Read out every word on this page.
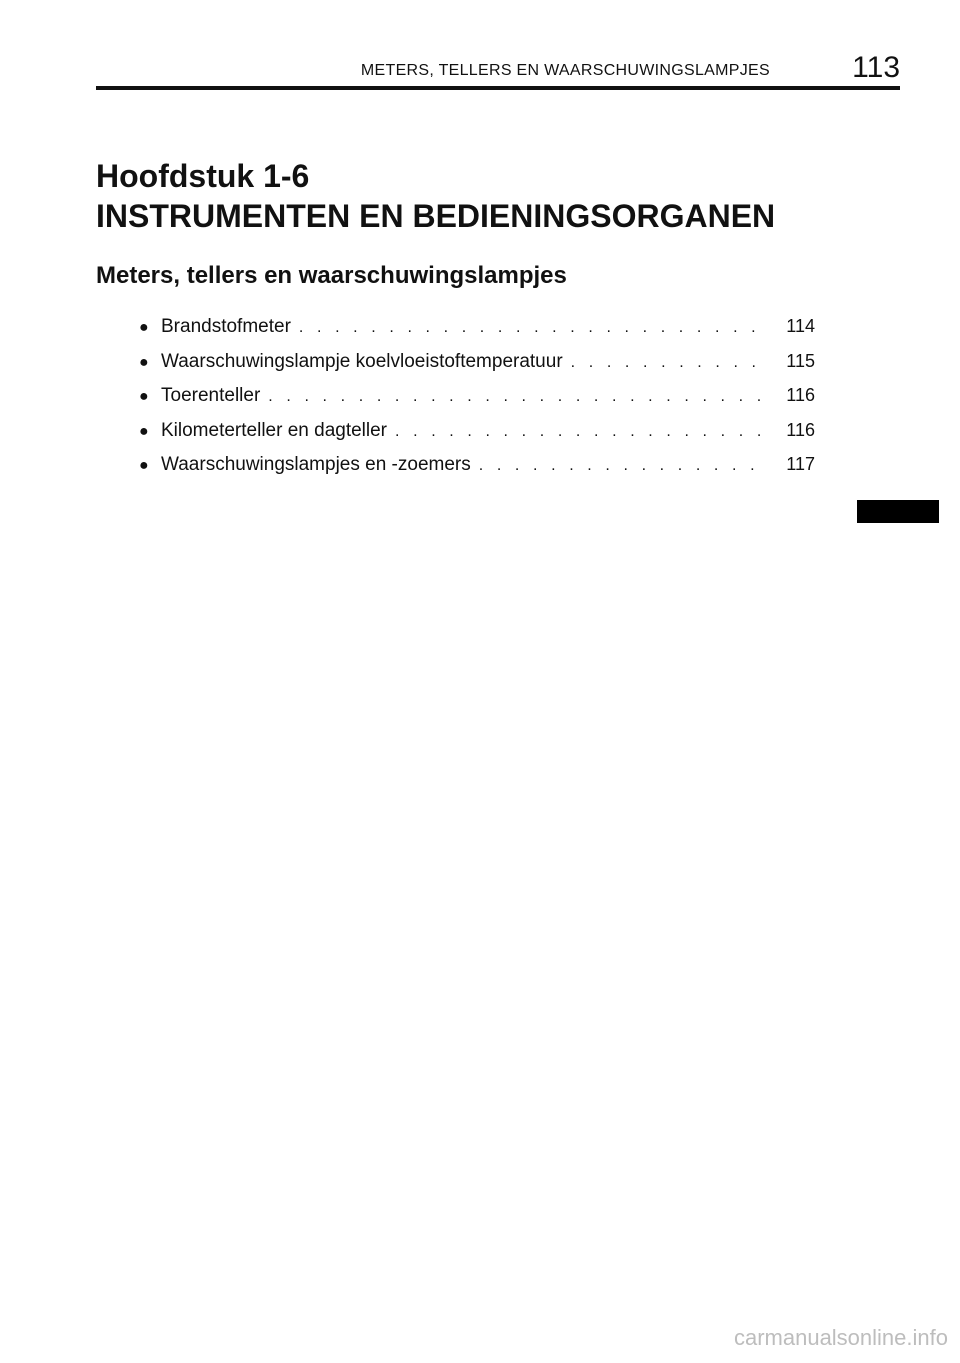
METERS, TELLERS EN WAARSCHUWINGSLAMPJES	113
Hoofdstuk 1-6
INSTRUMENTEN EN BEDIENINGSORGANEN
Meters, tellers en waarschuwingslampjes
● Brandstofmeter . . .	114
● Waarschuwingslampje koelvloeistoftemperatuur . . .	115
● Toerenteller . . .	116
● Kilometerteller en dagteller . . .	116
● Waarschuwingslampjes en -zoemers . . .	117
carmanualsonline.info
